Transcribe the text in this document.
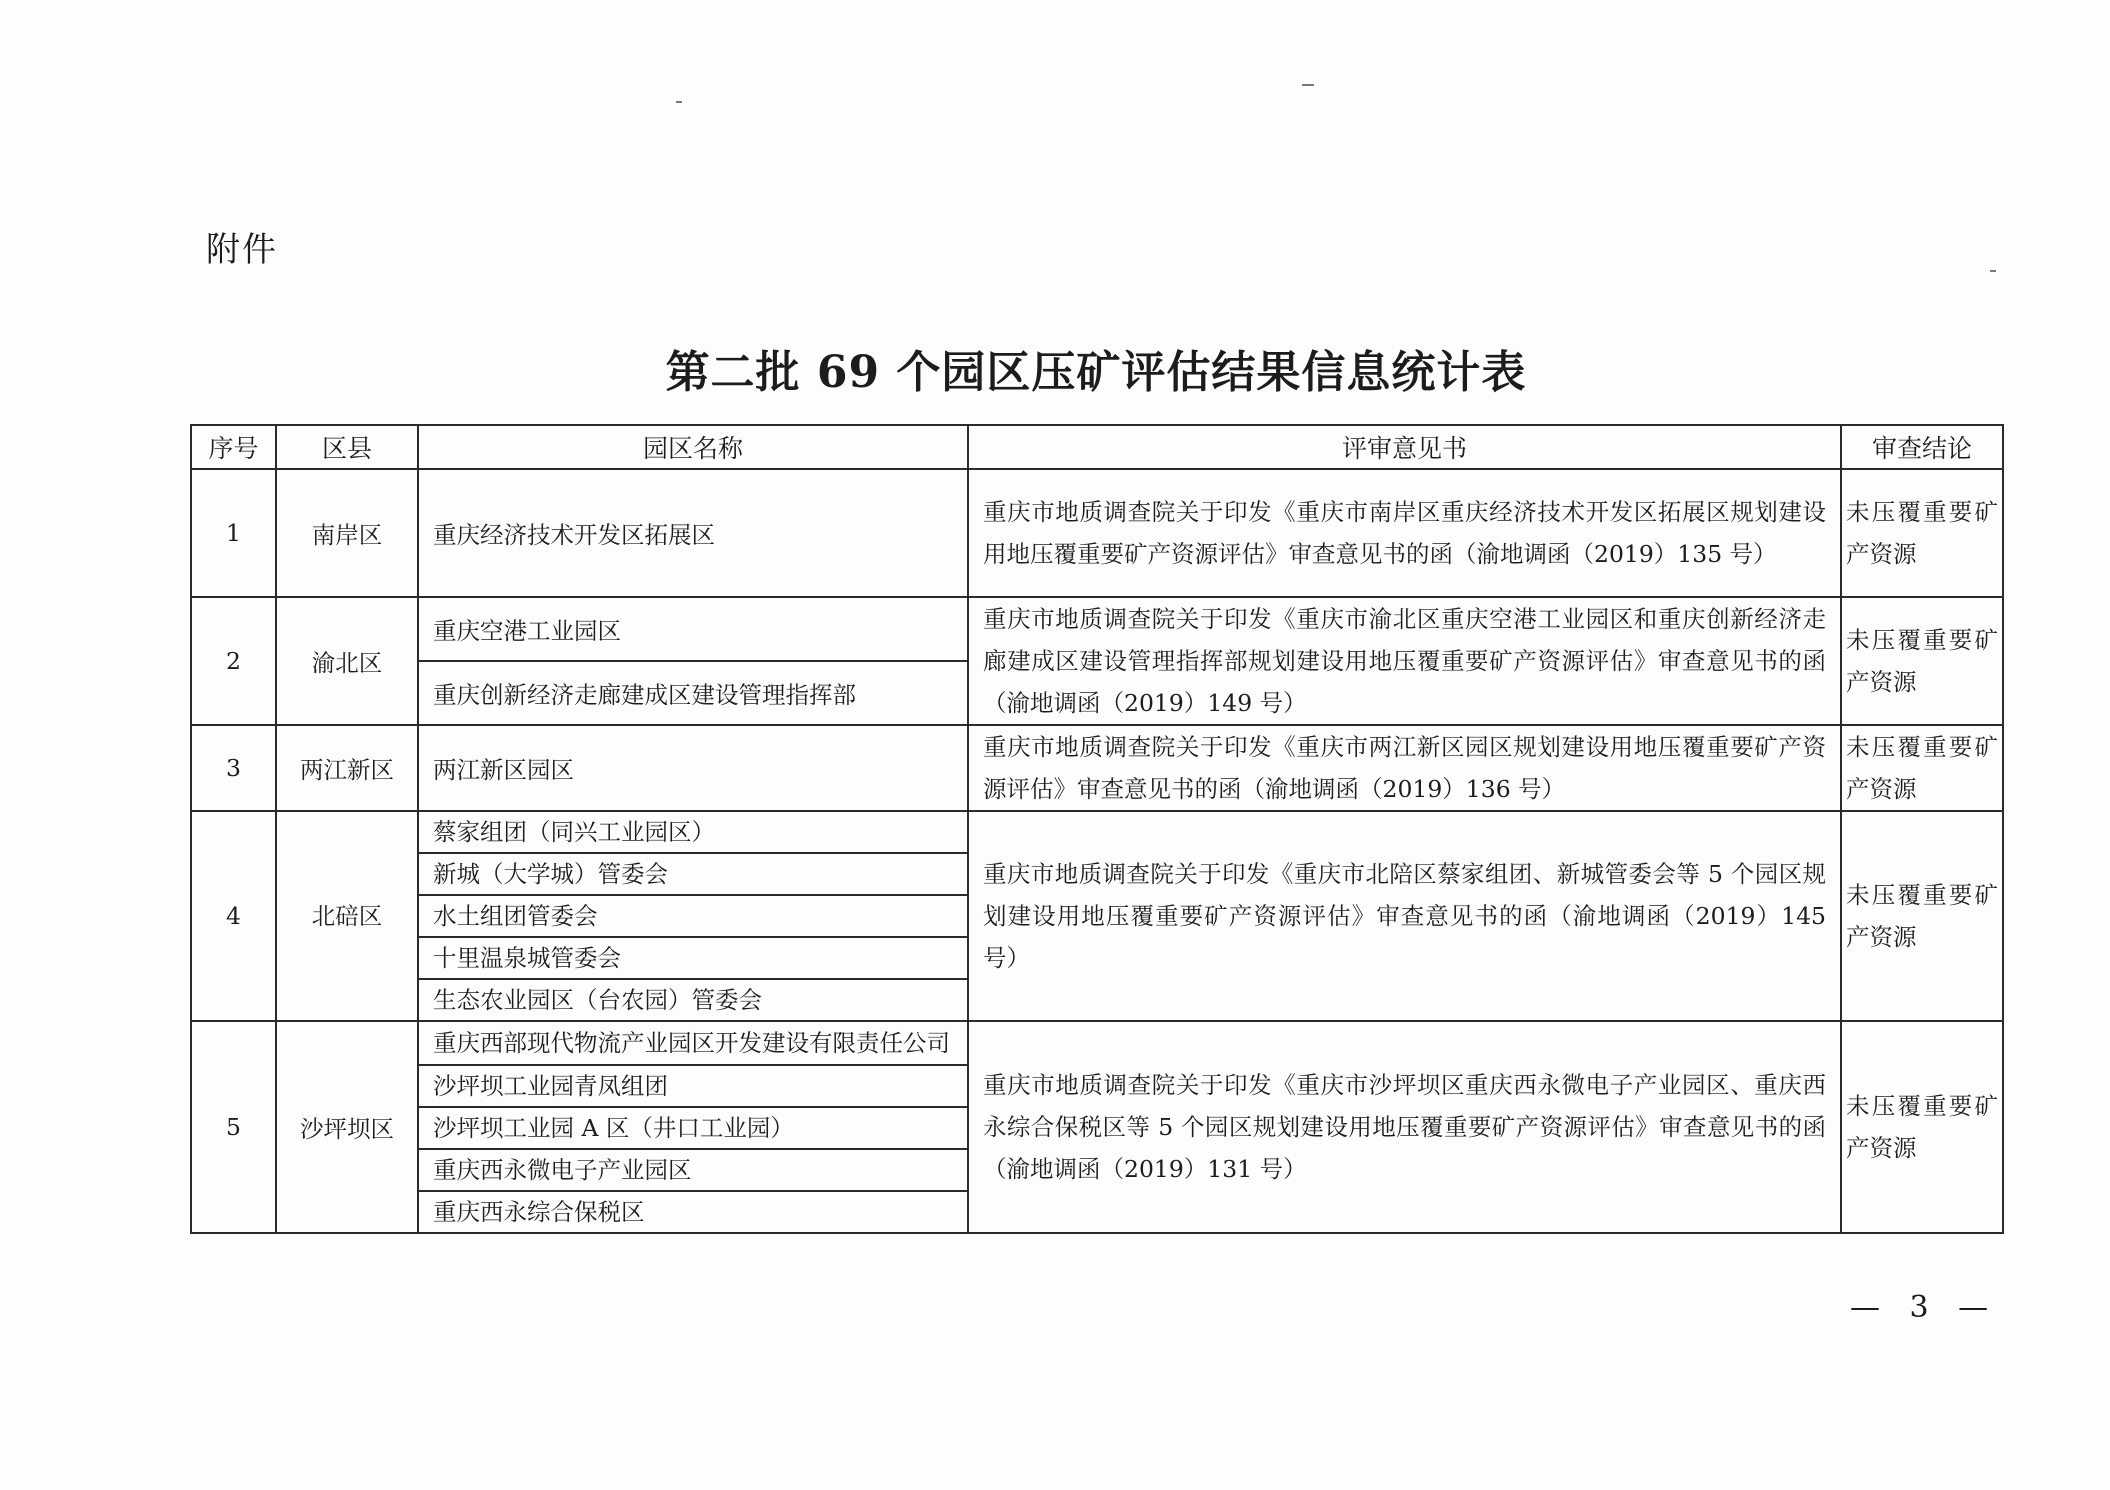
附件
第二批 69 个园区压矿评估结果信息统计表
序号	区县	园区名称	评审意见书	审查结论
1	南岸区	重庆经济技术开发区拓展区	重庆市地质调查院关于印发《重庆市南岸区重庆经济技术开发区拓展区规划建设用地压覆重要矿产资源评估》审查意见书的函（渝地调函（2019）135 号）	未压覆重要矿产资源
2	渝北区	重庆空港工业园区	重庆市地质调查院关于印发《重庆市渝北区重庆空港工业园区和重庆创新经济走廊建成区建设管理指挥部规划建设用地压覆重要矿产资源评估》审查意见书的函（渝地调函（2019）149 号）	未压覆重要矿产资源
		重庆创新经济走廊建成区建设管理指挥部		
3	两江新区	两江新区园区	重庆市地质调查院关于印发《重庆市两江新区园区规划建设用地压覆重要矿产资源评估》审查意见书的函（渝地调函（2019）136 号）	未压覆重要矿产资源
4	北碚区	蔡家组团（同兴工业园区）	重庆市地质调查院关于印发《重庆市北陪区蔡家组团、新城管委会等 5 个园区规划建设用地压覆重要矿产资源评估》审查意见书的函（渝地调函（2019）145 号）	未压覆重要矿产资源
		新城（大学城）管委会		
		水土组团管委会		
		十里温泉城管委会		
		生态农业园区（台农园）管委会		
5	沙坪坝区	重庆西部现代物流产业园区开发建设有限责任公司	重庆市地质调查院关于印发《重庆市沙坪坝区重庆西永微电子产业园区、重庆西永综合保税区等 5 个园区规划建设用地压覆重要矿产资源评估》审查意见书的函（渝地调函（2019）131 号）	未压覆重要矿产资源
		沙坪坝工业园青凤组团		
		沙坪坝工业园 A 区（井口工业园）		
		重庆西永微电子产业园区		
		重庆西永综合保税区		
— 3 —
